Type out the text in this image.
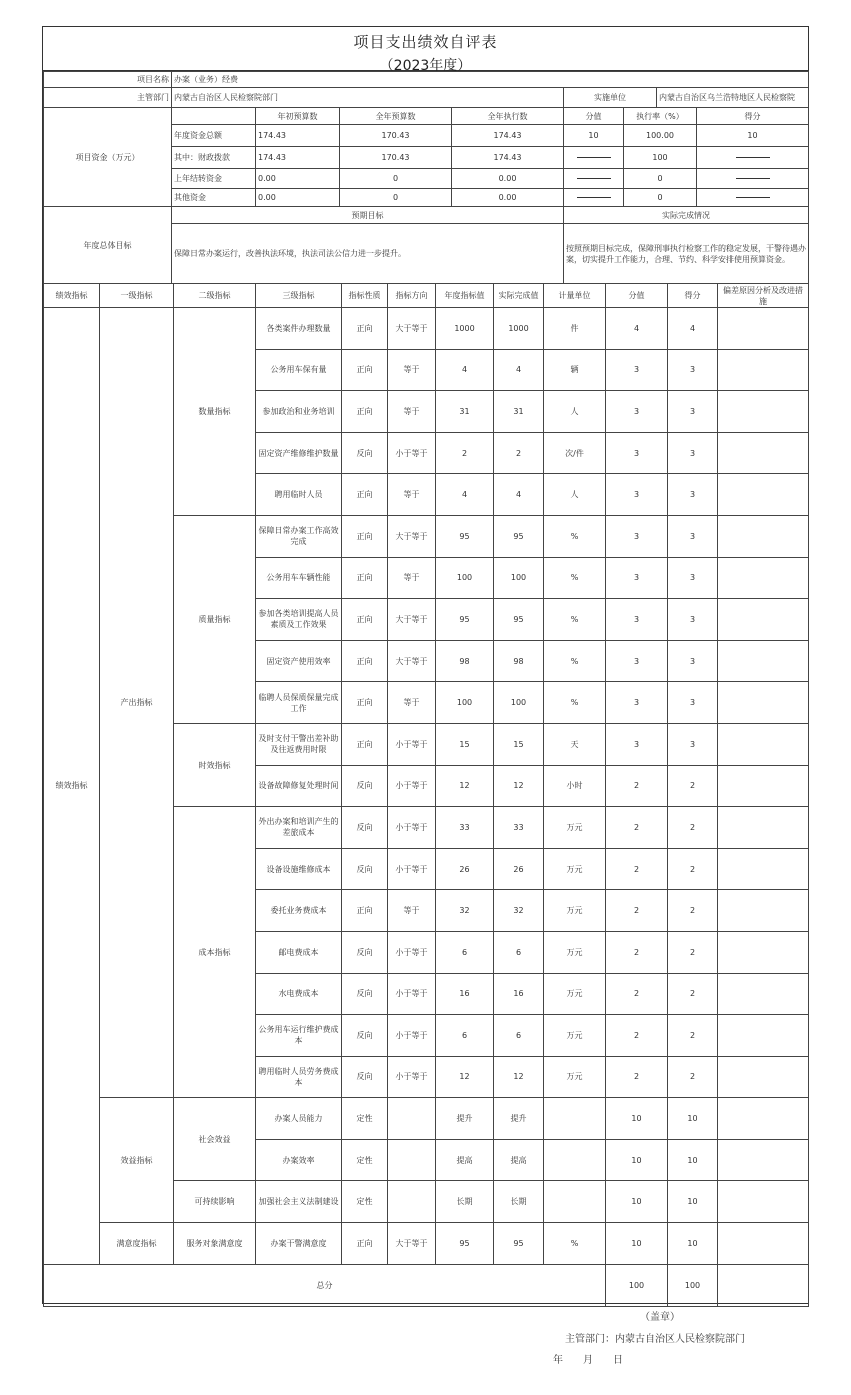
项目支出绩效自评表
（2023年度）
项目名称	办案（业务）经费							
主管部门	内蒙古自治区人民检察院部门				实施单位		内蒙古自治区乌兰浩特地区人民检察院	
项目资金（万元）		年初预算数	全年预算数	全年执行数	分值	执行率（%）		得分
	年度资金总额	174.43	170.43	174.43	10	100.00		10
	其中：财政拨款	174.43	170.43	174.43		100		
	上年结转资金	0.00	0	0.00		0		
	其他资金	0.00	0	0.00		0		
年度总体目标	预期目标				实际完成情况			
	保障日常办案运行，改善执法环境，执法司法公信力进一步提升。				按照预期目标完成，保障刑事执行检察工作的稳定发展，干警待遇办案，切实提升工作能力，合理、节约、科学安排使用预算资金。			
绩效指标	一级指标	二级指标	三级指标	指标性质	指标方向	年度指标值	实际完成值	计量单位	分值	得分	偏差原因分析及改进措施
绩效指标	产出指标	数量指标	各类案件办理数量	正向	大于等于	1000	1000	件	4	4	
			公务用车保有量	正向	等于	4	4	辆	3	3	
			参加政治和业务培训	正向	等于	31	31	人	3	3	
			固定资产维修维护数量	反向	小于等于	2	2	次/件	3	3	
			聘用临时人员	正向	等于	4	4	人	3	3	
		质量指标	保障日常办案工作高效完成	正向	大于等于	95	95	%	3	3	
			公务用车车辆性能	正向	等于	100	100	%	3	3	
			参加各类培训提高人员素质及工作效果	正向	大于等于	95	95	%	3	3	
			固定资产使用效率	正向	大于等于	98	98	%	3	3	
			临聘人员保质保量完成工作	正向	等于	100	100	%	3	3	
		时效指标	及时支付干警出差补助及往返费用时限	正向	小于等于	15	15	天	3	3	
			设备故障修复处理时间	反向	小于等于	12	12	小时	2	2	
		成本指标	外出办案和培训产生的差旅成本	反向	小于等于	33	33	万元	2	2	
			设备设施维修成本	反向	小于等于	26	26	万元	2	2	
			委托业务费成本	正向	等于	32	32	万元	2	2	
			邮电费成本	反向	小于等于	6	6	万元	2	2	
			水电费成本	反向	小于等于	16	16	万元	2	2	
			公务用车运行维护费成本	反向	小于等于	6	6	万元	2	2	
			聘用临时人员劳务费成本	反向	小于等于	12	12	万元	2	2	
	效益指标	社会效益	办案人员能力	定性		提升	提升		10	10	
			办案效率	定性		提高	提高		10	10	
		可持续影响	加强社会主义法制建设	定性		长期	长期		10	10	
	满意度指标	服务对象满意度	办案干警满意度	正向	大于等于	95	95	%	10	10	
总分									100	100	
（盖章）
主管部门：内蒙古自治区人民检察院部门
年　　月　　日
